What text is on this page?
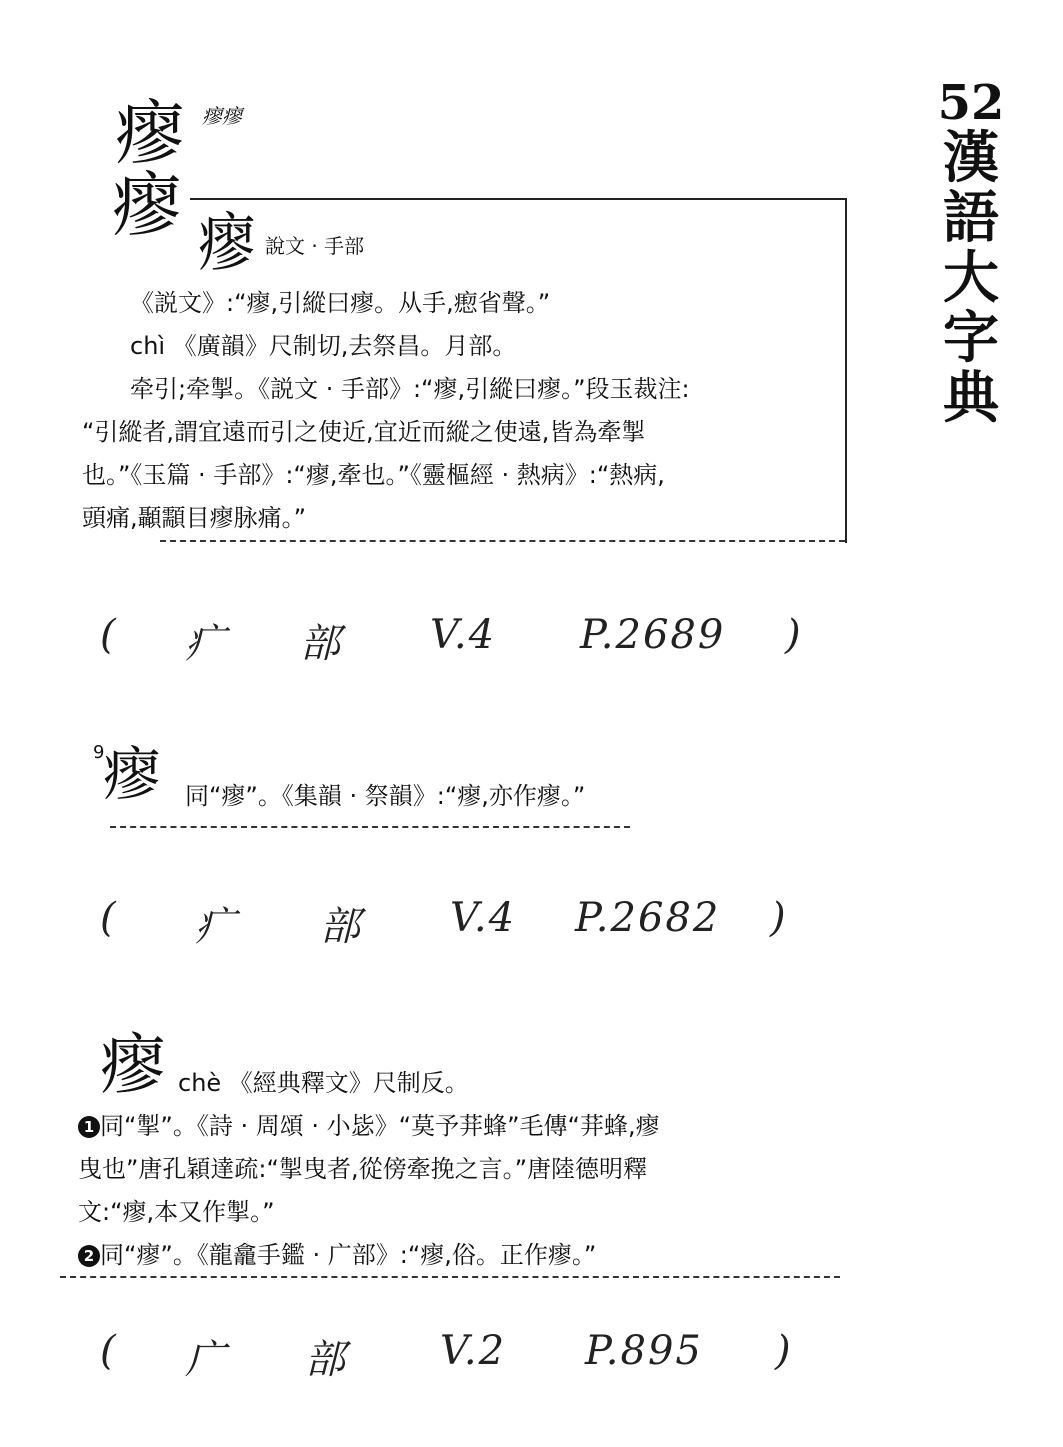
52
漢
語
大
字
典
瘳
瘳
瘳瘳
瘳 說文 · 手部

《説文》:“瘳,引縱曰瘳。从手,瘛省聲。”

chì 《廣韻》尺制切,去祭昌。月部。

牵引;牵掣。《説文 · 手部》:“瘳,引縱曰瘳。”段玉裁注:

“引縱者,謂宜遠而引之使近,宜近而縱之使遠,皆為牽掣

也。”《玉篇 · 手部》:“瘳,牽也。”《靈樞經 · 熱病》:“熱病,

頭痛,顳顬目瘳脉痛。”

( 疒 部 V.4 P.2689 )
9
瘳 同“瘳”。《集韻 · 祭韻》:“瘳,亦作瘳。”
( 疒 部 V.4 P.2682 )
瘳 chè 《經典釋文》尺制反。

1 同“掣”。《詩 · 周頌 · 小毖》“莫予荓蜂”毛傳“荓蜂,瘳

曳也”唐孔穎達疏:“掣曳者,從傍牽挽之言。”唐陸德明釋

文:“瘳,本又作掣。”

2 同“瘳”。《龍龕手鑑 · 广部》:“瘳,俗。正作瘳。”

( 广 部 V.2 P.895 )
